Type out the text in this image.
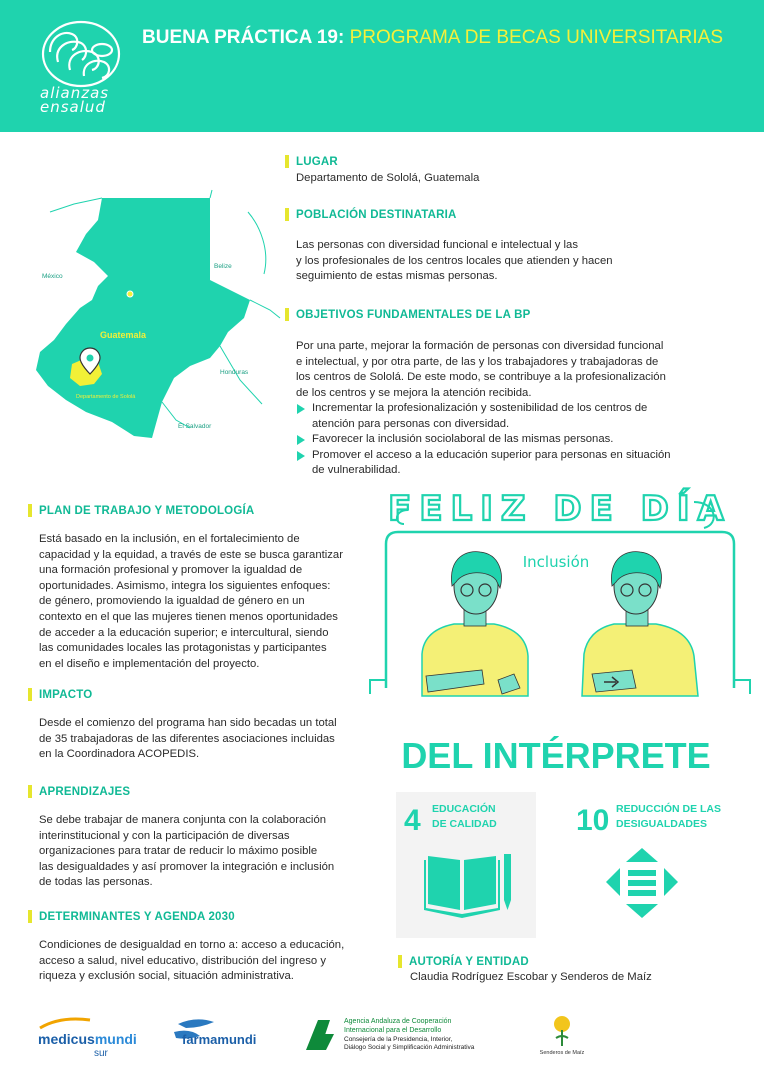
alianzas
ensalud
BUENA PRÁCTICA 19: PROGRAMA DE BECAS UNIVERSITARIAS
México
Belize
Guatemala
Honduras
Departamento de Sololá
El Salvador
LUGAR
Departamento de Sololá, Guatemala
POBLACIÓN DESTINATARIA
Las personas con diversidad funcional e intelectual y las
y los profesionales de los centros locales que atienden y hacen
seguimiento de estas mismas personas.
OBJETIVOS FUNDAMENTALES DE LA BP
Por una parte, mejorar la formación de personas con diversidad funcional
e intelectual, y por otra parte, de las y los trabajadores y trabajadoras de
los centros de Sololá. De este modo, se contribuye a la profesionalización
de los centros y se mejora la atención recibida.
Incrementar la profesionalización y sostenibilidad de los centros de
atención para personas con diversidad.
Favorecer la inclusión sociolaboral de las mismas personas.
Promover el acceso a la educación superior para personas en situación
de vulnerabilidad.
PLAN DE TRABAJO Y METODOLOGÍA
Está basado en la inclusión, en el fortalecimiento de
capacidad y la equidad, a través de este se busca garantizar
una formación profesional y promover la igualdad de
oportunidades. Asimismo, integra los siguientes enfoques:
de género, promoviendo la igualdad de género en un
contexto en el que las mujeres tienen menos oportunidades
de acceder a la educación superior; e intercultural, siendo
las comunidades locales las protagonistas y participantes
en el diseño e implementación del proyecto.
IMPACTO
Desde el comienzo del programa han sido becadas un total
de 35 trabajadoras de las diferentes asociaciones incluidas
en la Coordinadora ACOPEDIS.
APRENDIZAJES
Se debe trabajar de manera conjunta con la colaboración
interinstitucional y con la participación de diversas
organizaciones para tratar de reducir lo máximo posible
las desigualdades y así promover la integración e inclusión
de todas las personas.
DETERMINANTES Y AGENDA 2030
Condiciones de desigualdad en torno a: acceso a educación,
acceso a salud, nivel educativo, distribución del ingreso y
riqueza y exclusión social, situación administrativa.
FELIZ DE DÍA
Inclusión
DEL INTÉRPRETE
4 EDUCACIÓN
DE CALIDAD	10 REDUCCIÓN DE LAS
DESIGUALDADES
AUTORÍA Y ENTIDAD
Claudia Rodríguez Escobar y Senderos de Maíz
medicusmundi
sur
farmamundi
Agencia Andaluza de Cooperación
Internacional para el Desarrollo
Consejería de la Presidencia, Interior,
Diálogo Social y Simplificación Administrativa
Senderos de Maíz
